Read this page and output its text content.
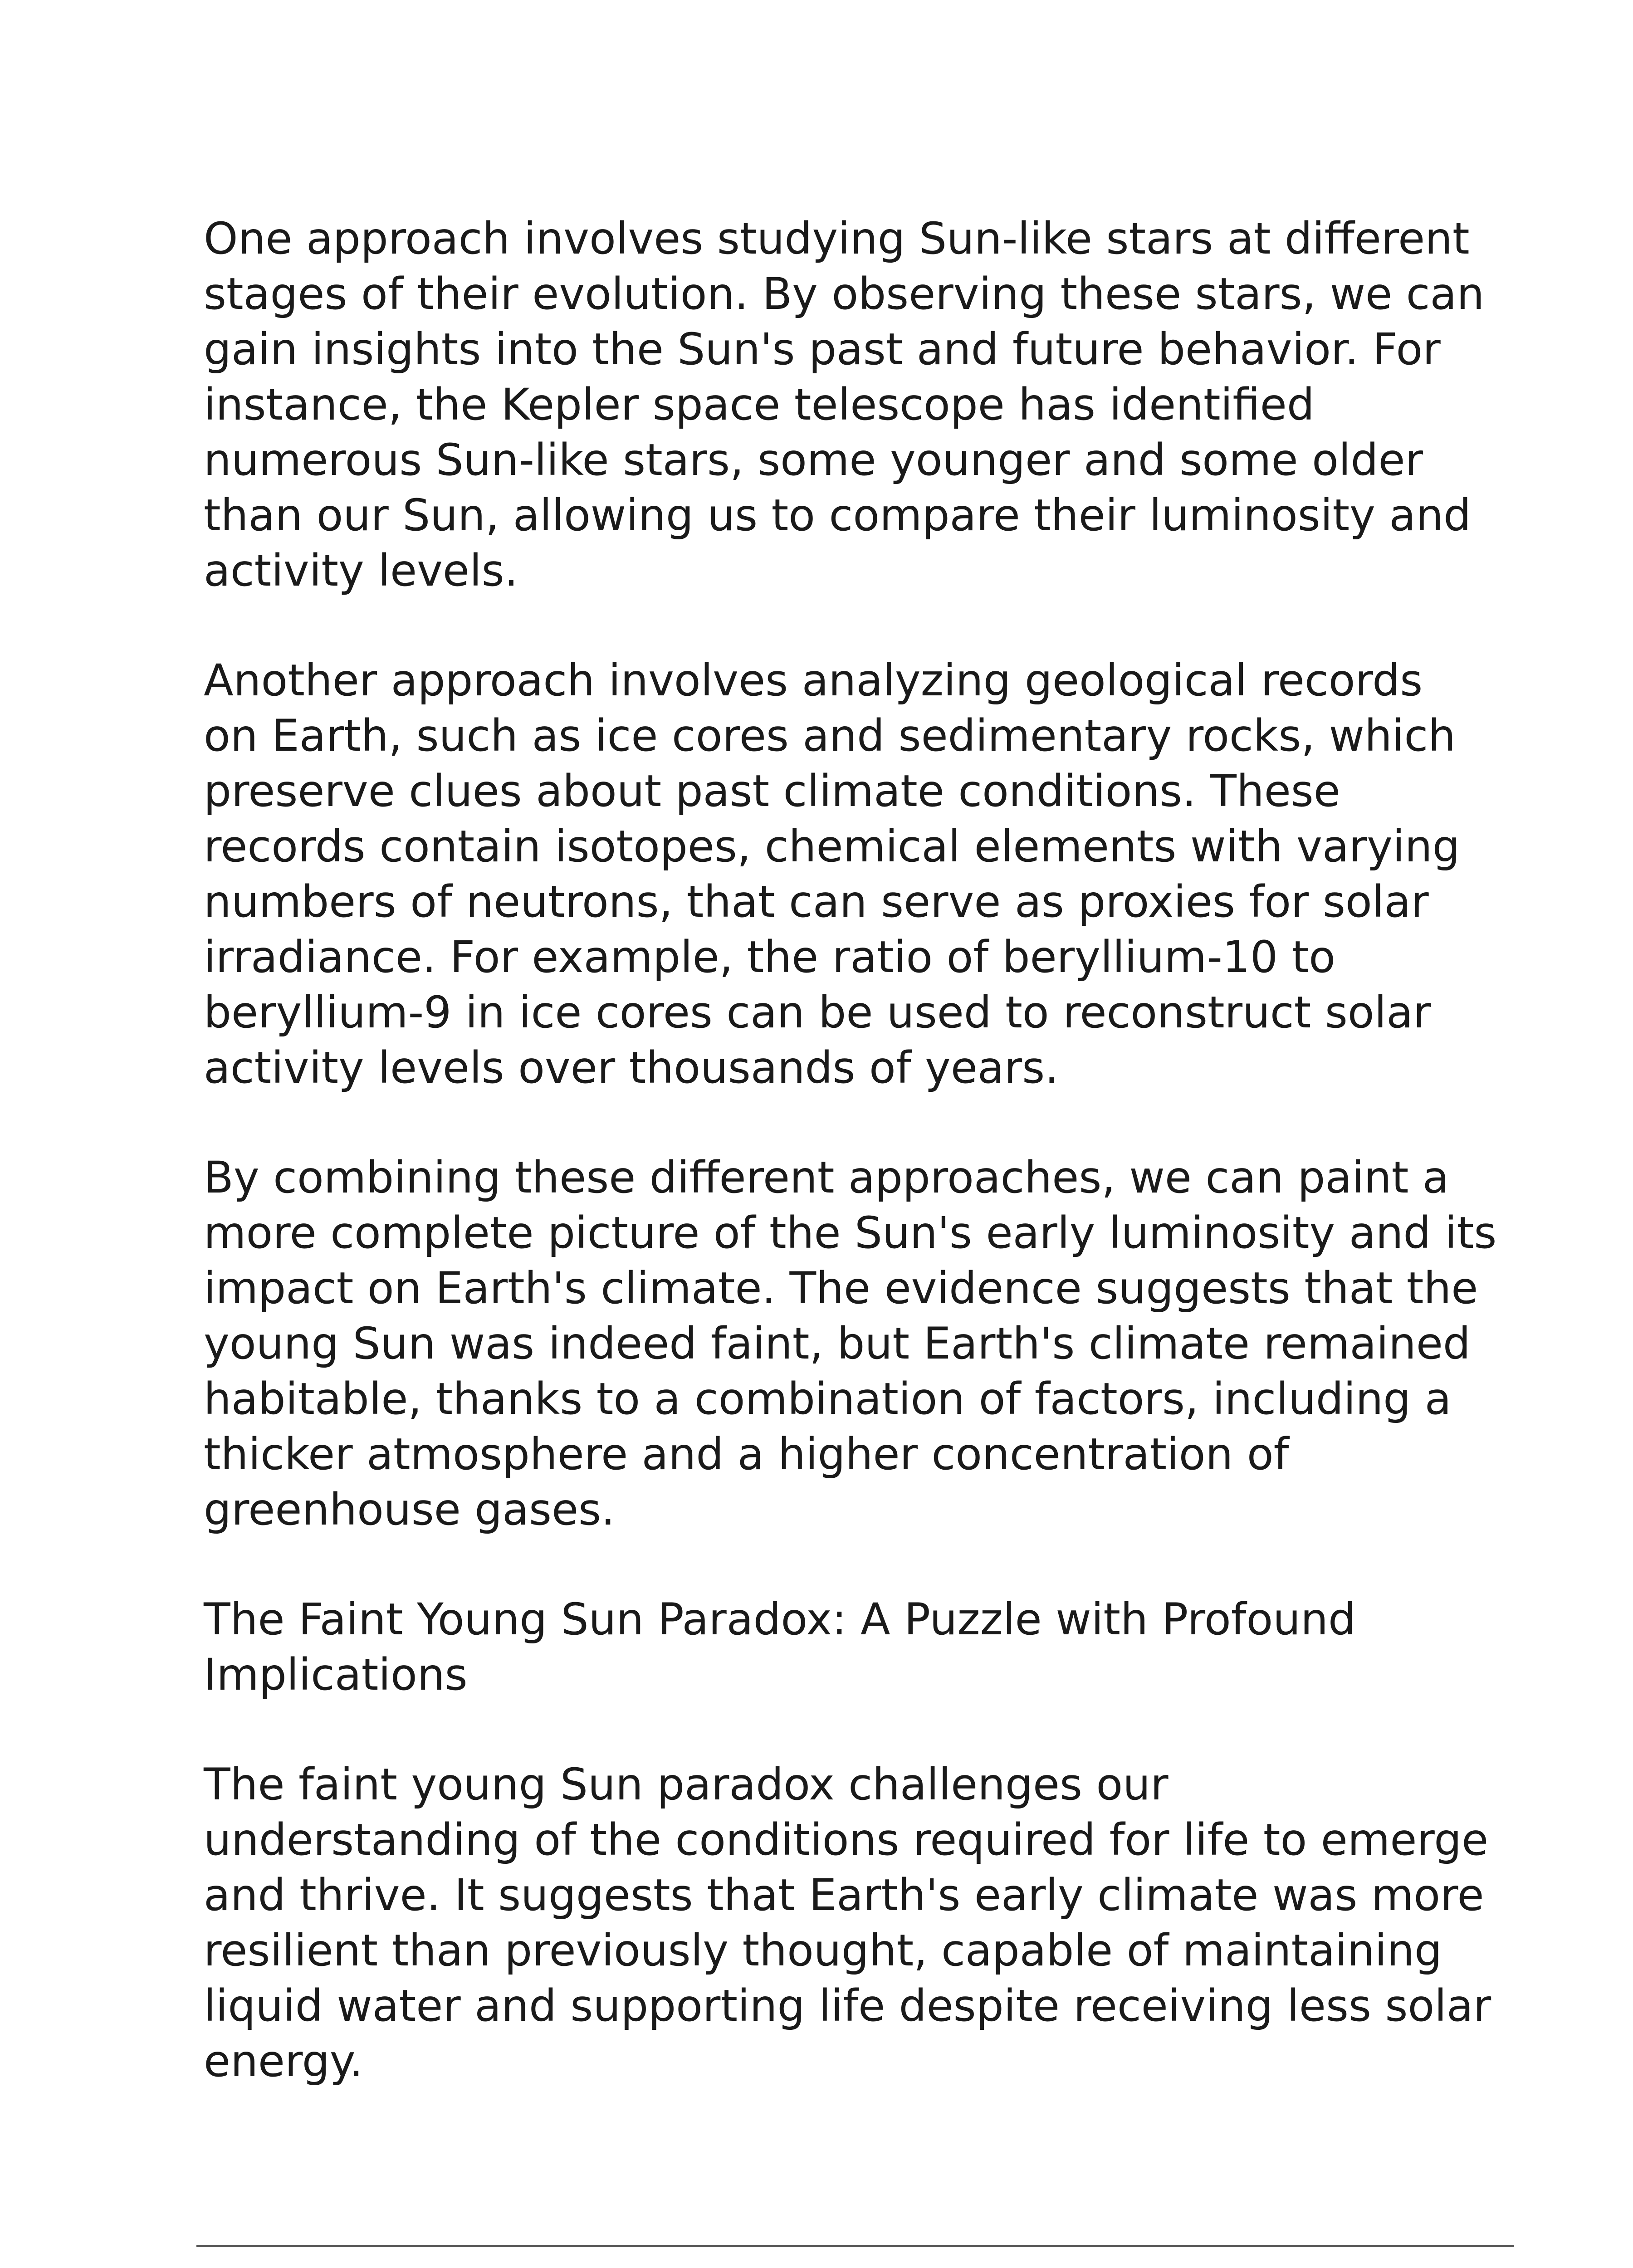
One approach involves studying Sun-like stars at different
stages of their evolution. By observing these stars, we can
gain insights into the Sun's past and future behavior. For
instance, the Kepler space telescope has identified
numerous Sun-like stars, some younger and some older
than our Sun, allowing us to compare their luminosity and
activity levels.

Another approach involves analyzing geological records
on Earth, such as ice cores and sedimentary rocks, which
preserve clues about past climate conditions. These
records contain isotopes, chemical elements with varying
numbers of neutrons, that can serve as proxies for solar
irradiance. For example, the ratio of beryllium-10 to
beryllium-9 in ice cores can be used to reconstruct solar
activity levels over thousands of years.

By combining these different approaches, we can paint a
more complete picture of the Sun's early luminosity and its
impact on Earth's climate. The evidence suggests that the
young Sun was indeed faint, but Earth's climate remained
habitable, thanks to a combination of factors, including a
thicker atmosphere and a higher concentration of
greenhouse gases.

The Faint Young Sun Paradox: A Puzzle with Profound
Implications

The faint young Sun paradox challenges our
understanding of the conditions required for life to emerge
and thrive. It suggests that Earth's early climate was more
resilient than previously thought, capable of maintaining
liquid water and supporting life despite receiving less solar
energy.
